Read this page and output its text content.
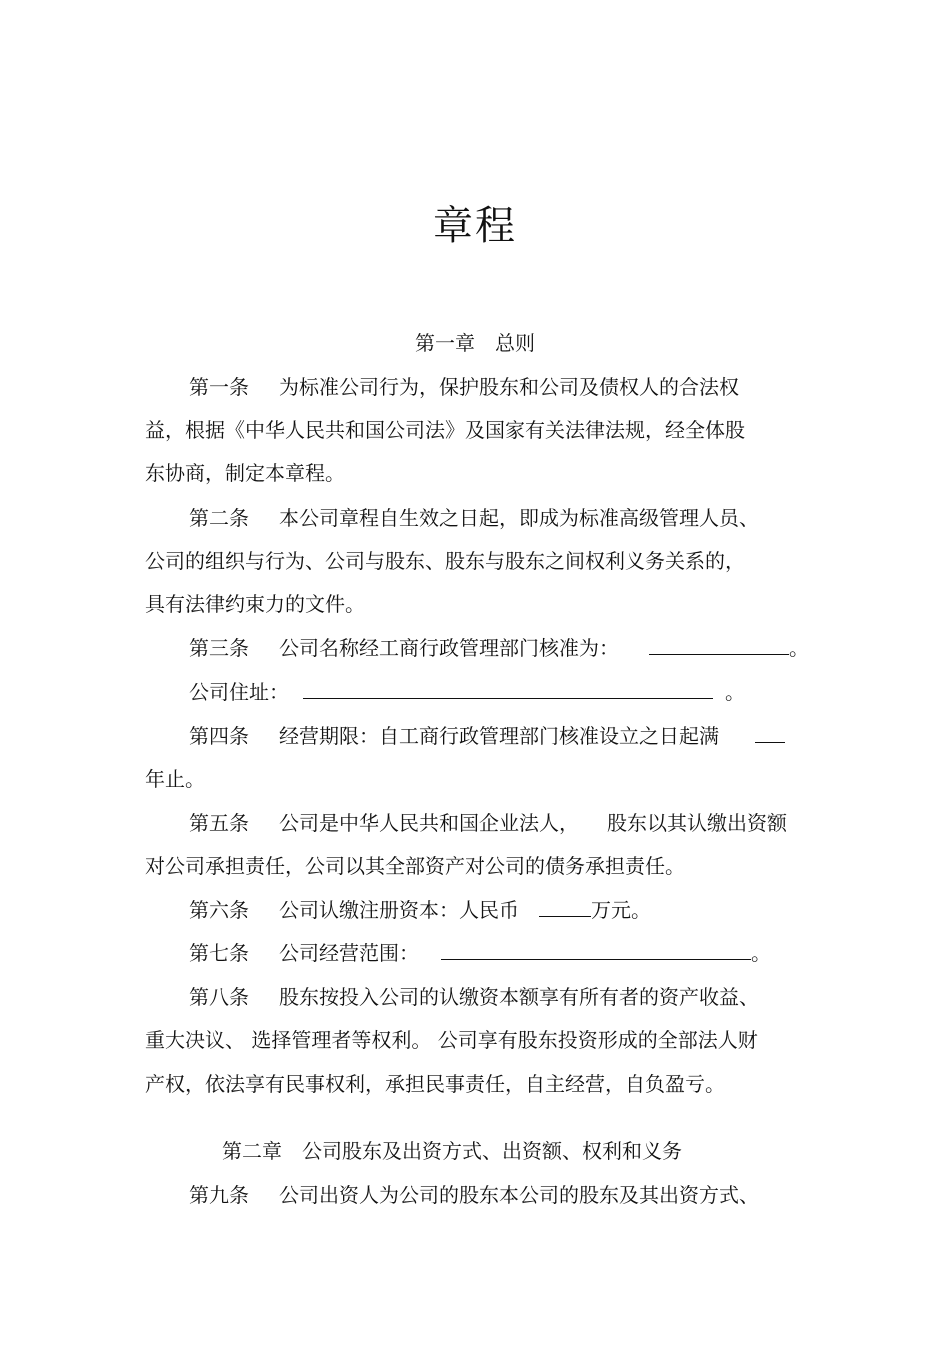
章程
第一章　总则
第一条 为标准公司行为，保护股东和公司及债权人的合法权
益，根据《中华人民共和国公司法》及国家有关法律法规，经全体股
东协商，制定本章程。
第二条 本公司章程自生效之日起，即成为标准高级管理人员、
公司的组织与行为、公司与股东、股东与股东之间权利义务关系的，
具有法律约束力的文件。
第三条 公司名称经工商行政管理部门核准为：	。
公司住址：	。
第四条 经营期限：自工商行政管理部门核准设立之日起满
年止。
第五条 公司是中华人民共和国企业法人， 股东以其认缴出资额
对公司承担责任，公司以其全部资产对公司的债务承担责任。
第六条 公司认缴注册资本：人民币	万元。
第七条 公司经营范围：	。
第八条 股东按投入公司的认缴资本额享有所有者的资产收益、
重大决议、 选择管理者等权利。 公司享有股东投资形成的全部法人财
产权，依法享有民事权利，承担民事责任，自主经营，自负盈亏。
第二章　公司股东及出资方式、出资额、权利和义务
第九条 公司出资人为公司的股东本公司的股东及其出资方式、
